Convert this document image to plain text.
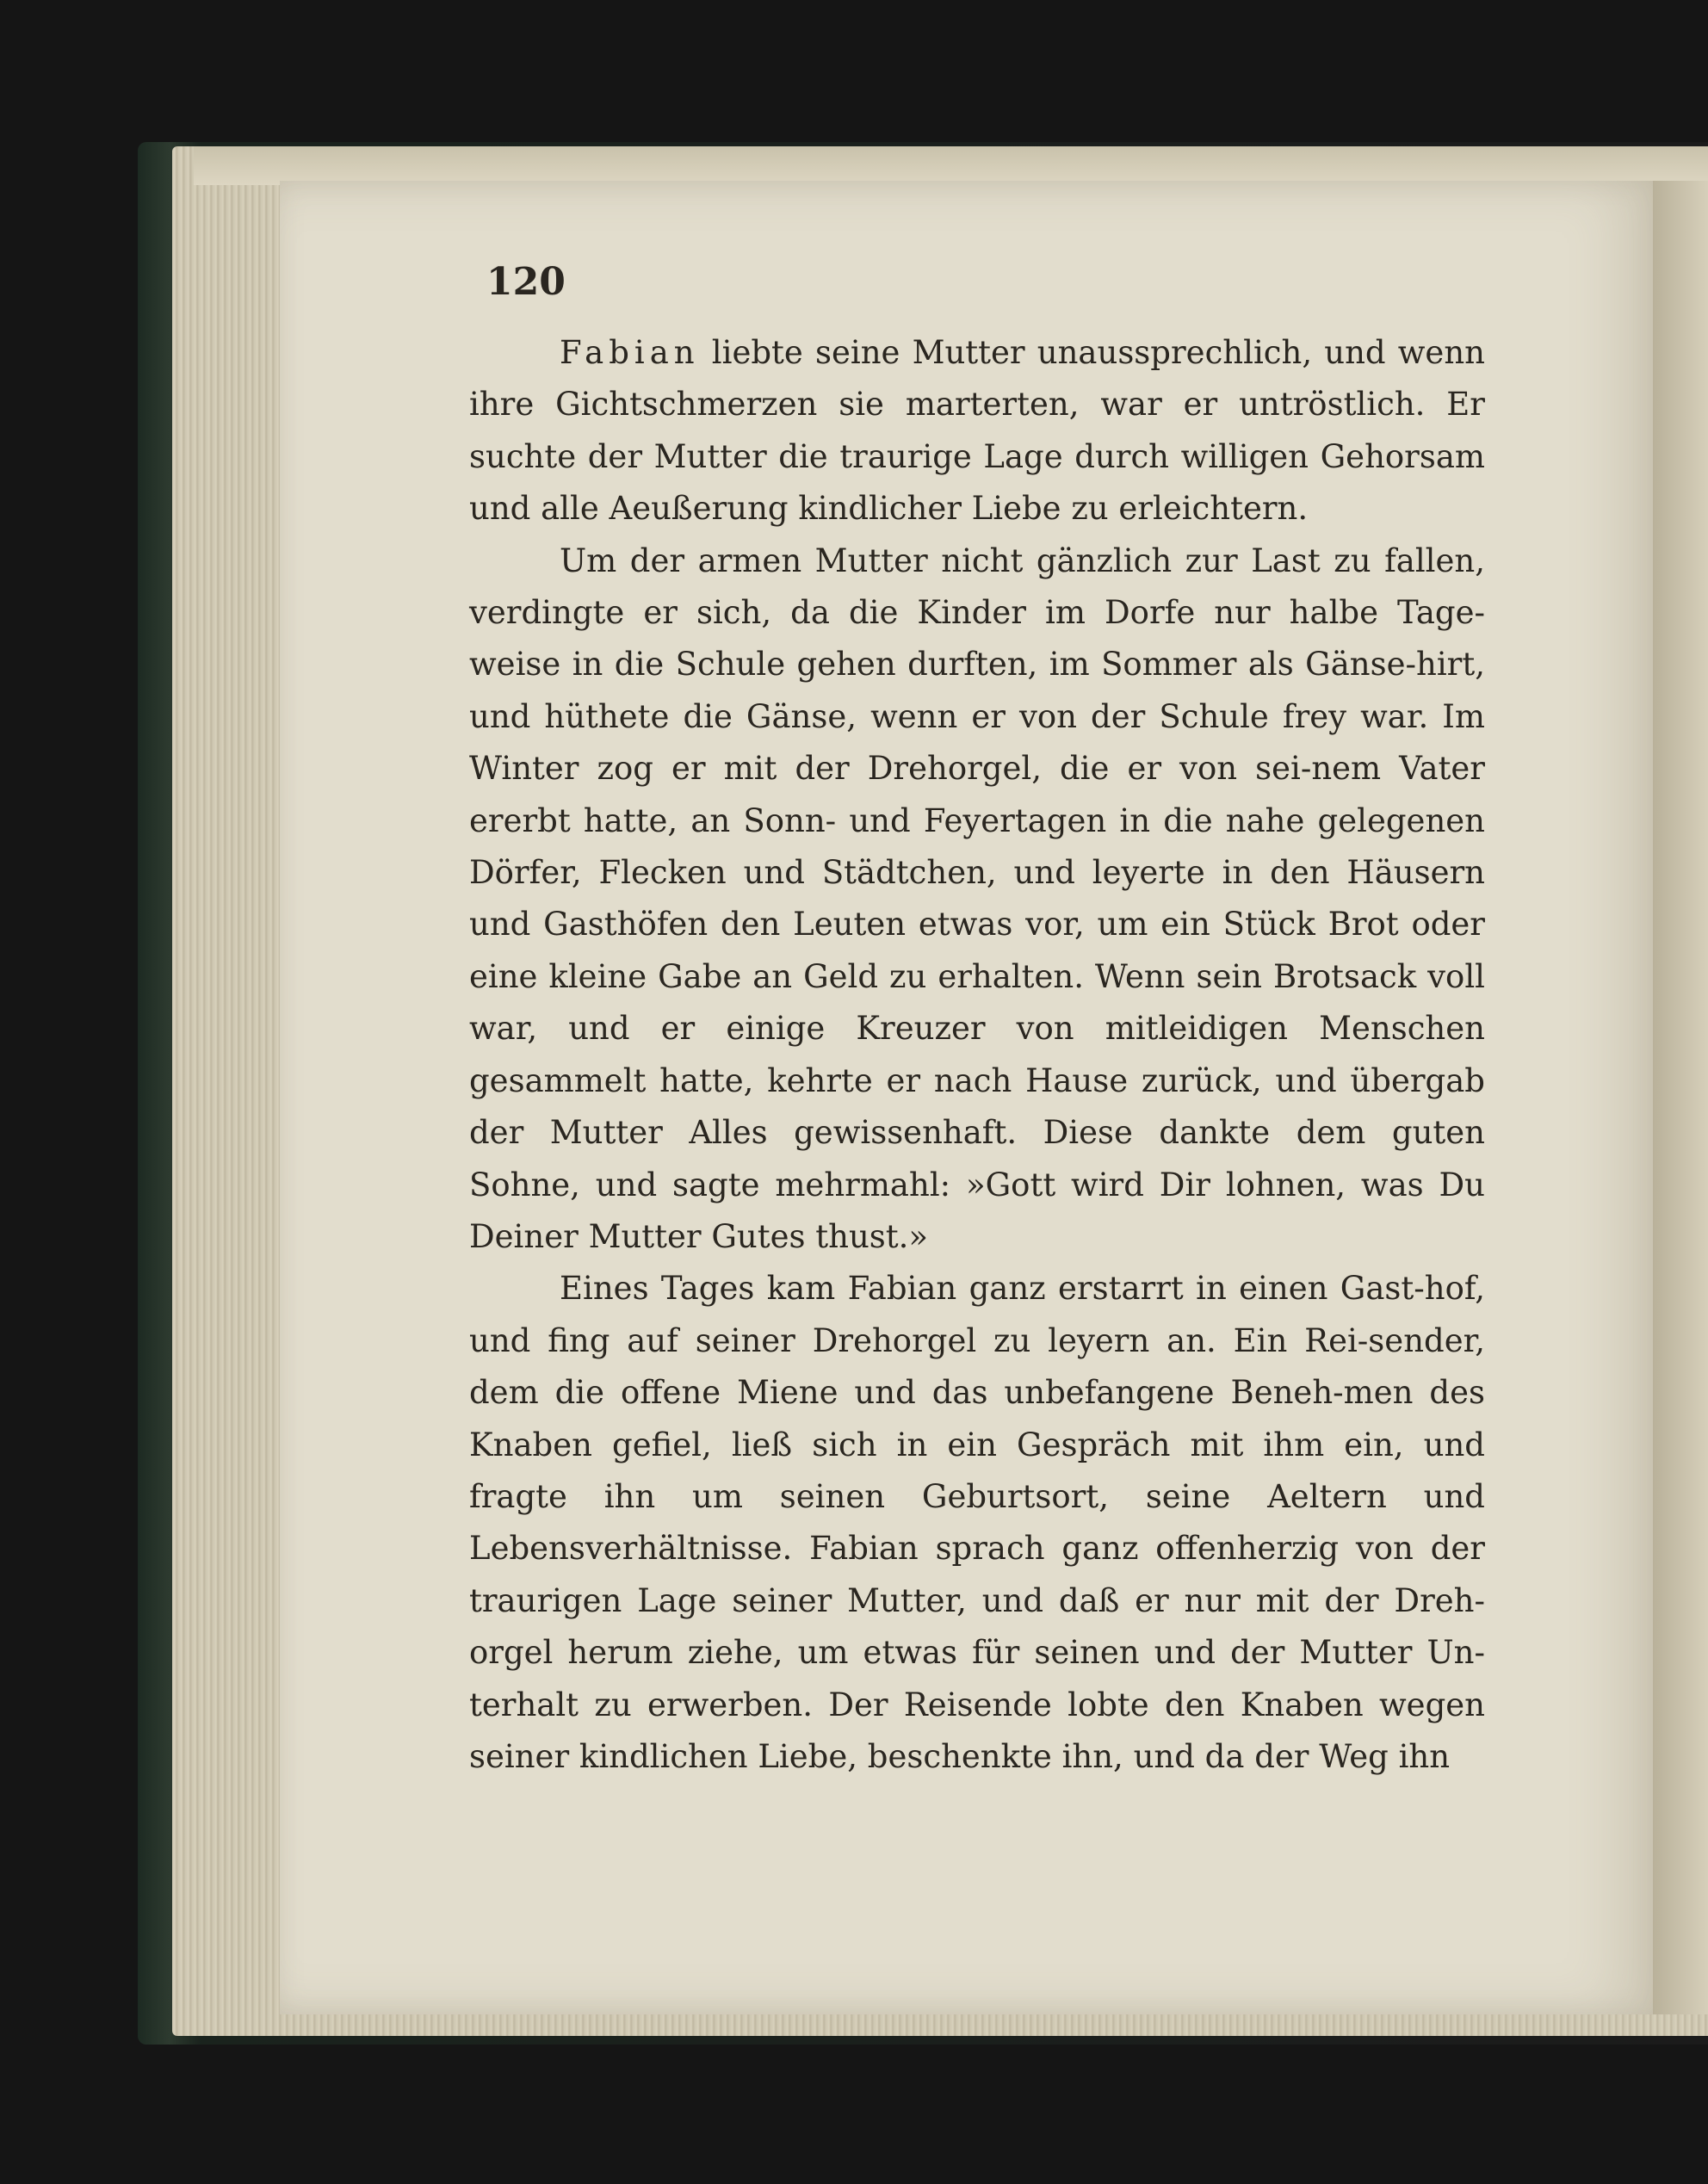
120

Fabian liebte seine Mutter unaussprechlich, und wenn ihre Gichtschmerzen sie marterten, war er untröstlich. Er suchte der Mutter die traurige Lage durch willigen Gehorsam und alle Aeußerung kindlicher Liebe zu erleichtern.

Um der armen Mutter nicht gänzlich zur Last zu fallen, verdingte er sich, da die Kinder im Dorfe nur halbe Tage-weise in die Schule gehen durften, im Sommer als Gänse-hirt, und hüthete die Gänse, wenn er von der Schule frey war. Im Winter zog er mit der Drehorgel, die er von sei-nem Vater ererbt hatte, an Sonn- und Feyertagen in die nahe gelegenen Dörfer, Flecken und Städtchen, und leyerte in den Häusern und Gasthöfen den Leuten etwas vor, um ein Stück Brot oder eine kleine Gabe an Geld zu erhalten. Wenn sein Brotsack voll war, und er einige Kreuzer von mitleidigen Menschen gesammelt hatte, kehrte er nach Hause zurück, und übergab der Mutter Alles gewissenhaft. Diese dankte dem guten Sohne, und sagte mehrmahl: »Gott wird Dir lohnen, was Du Deiner Mutter Gutes thust.»

Eines Tages kam Fabian ganz erstarrt in einen Gast-hof, und fing auf seiner Drehorgel zu leyern an. Ein Rei-sender, dem die offene Miene und das unbefangene Beneh-men des Knaben gefiel, ließ sich in ein Gespräch mit ihm ein, und fragte ihn um seinen Geburtsort, seine Aeltern und Lebensverhältnisse. Fabian sprach ganz offenherzig von der traurigen Lage seiner Mutter, und daß er nur mit der Dreh-orgel herum ziehe, um etwas für seinen und der Mutter Un-terhalt zu erwerben. Der Reisende lobte den Knaben wegen seiner kindlichen Liebe, beschenkte ihn, und da der Weg ihn
